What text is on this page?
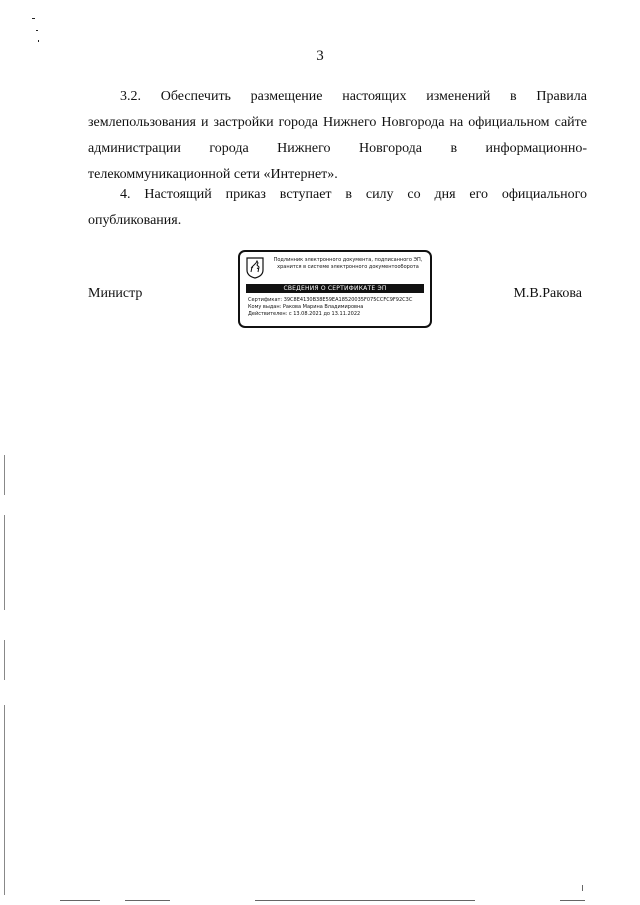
3
3.2. Обеспечить размещение настоящих изменений в Правила землепользования и застройки города Нижнего Новгорода на официальном сайте администрации города Нижнего Новгорода в информационно-
телекоммуникационной сети «Интернет».
4. Настоящий приказ вступает в силу со дня его официального
опубликования.
Министр	М.В.Ракова
Подлинник электронного документа, подписанного ЭП,
хранится в системе электронного документооборота
СВЕДЕНИЯ О СЕРТИФИКАТЕ ЭП
Сертификат: 39C8E4130B38E59EA18520035F075CCFC9F92C3C
Кому выдан: Ракова Марина Владимировна
Действителен: с 13.08.2021 до 13.11.2022
